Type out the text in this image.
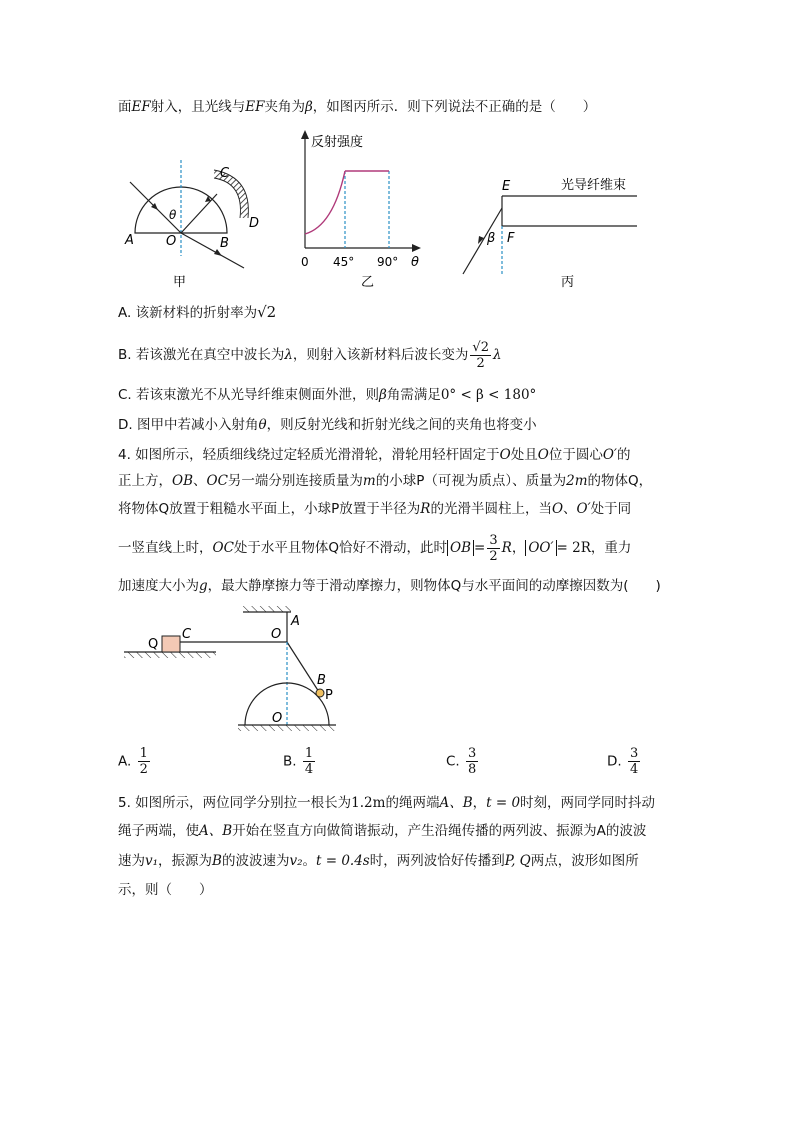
面EF射入，且光线与EF夹角为β，如图丙所示．则下列说法不正确的是（　　）
A O	B
C
D
θ
甲
反射强度
0 45° 90° θ
乙
E
F
β
光导纤维束
丙
A. 该新材料的折射率为√2
B. 若该激光在真空中波长为λ，则射入该新材料后波长变为 $\frac{√2}{2}$ λ
C. 若该束激光不从光导纤维束侧面外泄，则β角需满足0° < β < 180°
D. 图甲中若减小入射角θ，则反射光线和折射光线之间的夹角也将变小
4. 如图所示，轻质细线绕过定轻质光滑滑轮，滑轮用轻杆固定于O处且O位于圆心O′的
正上方，OB、OC另一端分别连接质量为m的小球P（可视为质点）、质量为2m的物体Q，
将物体Q放置于粗糙水平面上，小球P放置于半径为R的光滑半圆柱上，当O、O′处于同
一竖直线上时，OC处于水平且物体Q恰好不滑动，此时 OB = $\frac{3}{2}$ R， OO′ = 2R，重力
加速度大小为g，最大静摩擦力等于滑动摩擦力，则物体Q与水平面间的动摩擦因数为(　　)
Q
C	O
A
B
P
O
A. $\frac{1}{2}$	B. $\frac{1}{4}$	C. $\frac{3}{8}$	D. $\frac{3}{4}$
5. 如图所示，两位同学分别拉一根长为1.2m的绳两端A、B，t = 0时刻，两同学同时抖动
绳子两端，使A、B开始在竖直方向做简谐振动，产生沿绳传播的两列波、振源为A的波波
速为v₁，振源为B的波波速为v₂。t = 0.4s时，两列波恰好传播到P, Q两点，波形如图所
示，则（　　）
